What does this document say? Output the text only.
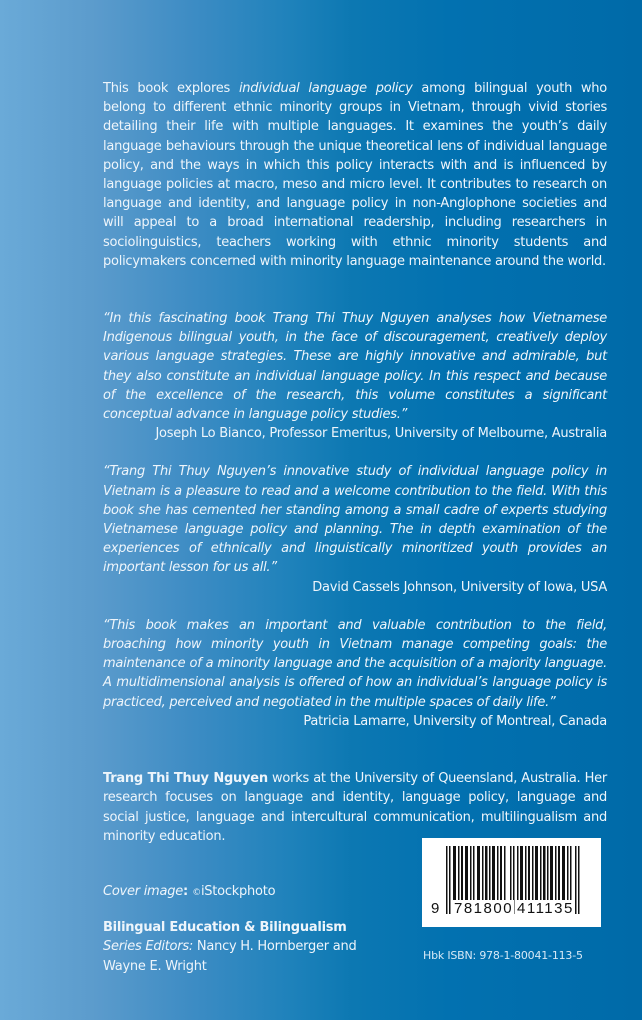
This book explores individual language policy among bilingual youth who belong to different ethnic minority groups in Vietnam, through vivid stories detailing their life with multiple languages. It examines the youth’s daily language behaviours through the unique theoretical lens of individual language policy, and the ways in which this policy interacts with and is influenced by language policies at macro, meso and micro level. It contributes to research on language and identity, and language policy in non-Anglophone societies and will appeal to a broad international readership, including researchers in sociolinguistics, teachers working with ethnic minority students and policymakers concerned with minority language maintenance around the world.

“In this fascinating book Trang Thi Thuy Nguyen analyses how Vietnamese Indigenous bilingual youth, in the face of discouragement, creatively deploy various language strategies. These are highly innovative and admirable, but they also constitute an individual language policy. In this respect and because of the excellence of the research, this volume constitutes a significant conceptual advance in language policy studies.”

Joseph Lo Bianco, Professor Emeritus, University of Melbourne, Australia

“Trang Thi Thuy Nguyen’s innovative study of individual language policy in Vietnam is a pleasure to read and a welcome contribution to the field. With this book she has cemented her standing among a small cadre of experts studying Vietnamese language policy and planning. The in depth examination of the experiences of ethnically and linguistically minoritized youth provides an important lesson for us all.”

David Cassels Johnson, University of Iowa, USA

“This book makes an important and valuable contribution to the field, broaching how minority youth in Vietnam manage competing goals: the maintenance of a minority language and the acquisition of a majority language. A multidimensional analysis is offered of how an individual’s language policy is practiced, perceived and negotiated in the multiple spaces of daily life.”

Patricia Lamarre, University of Montreal, Canada

Trang Thi Thuy Nguyen works at the University of Queensland, Australia. Her research focuses on language and identity, language policy, language and social justice, language and intercultural communication, multilingualism and minority education.

Cover image: ©iStockphoto
Bilingual Education & Bilingualism
Series Editors: Nancy H. Hornberger and
Wayne E. Wright
9 781800 411135
Hbk ISBN: 978-1-80041-113-5
